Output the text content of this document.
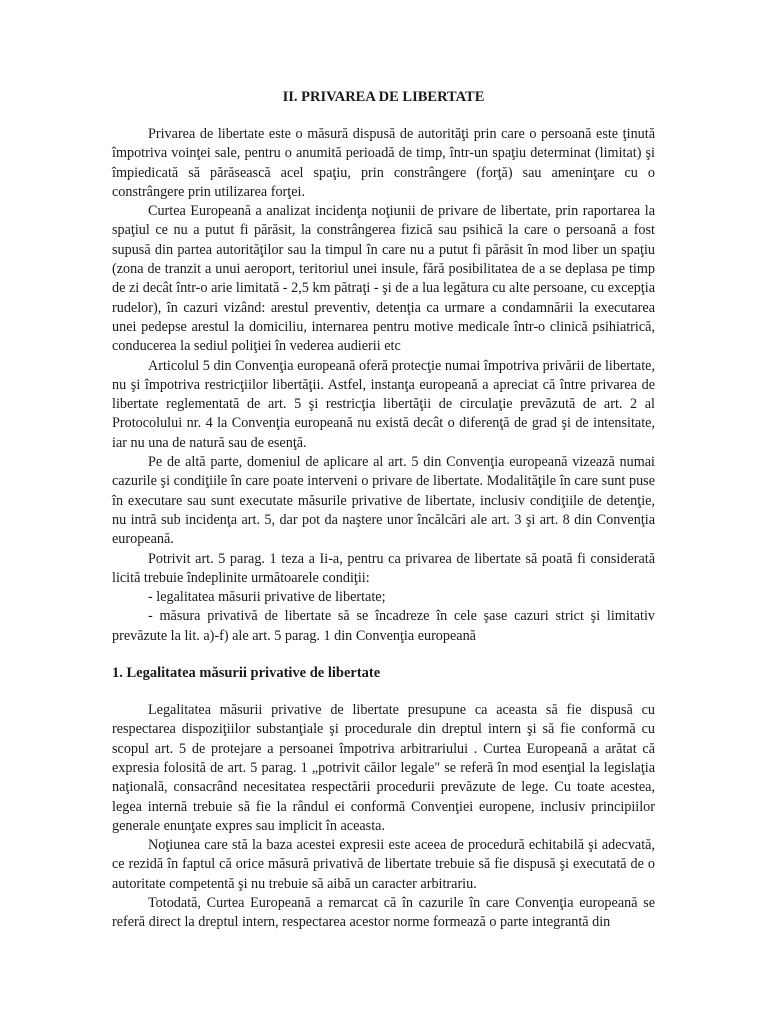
II. PRIVAREA DE LIBERTATE

Privarea de libertate este o măsură dispusă de autorităţi prin care o persoană este ţinută împotriva voinţei sale, pentru o anumită perioadă de timp, într-un spaţiu determinat (limitat) şi împiedicată să părăsească acel spaţiu, prin constrângere (forţă) sau ameninţare cu o constrângere prin utilizarea forţei.

Curtea Europeană a analizat incidenţa noţiunii de privare de libertate, prin raportarea la spaţiul ce nu a putut fi părăsit, la constrângerea fizică sau psihică la care o persoană a fost supusă din partea autorităţilor sau la timpul în care nu a putut fi părăsit în mod liber un spaţiu (zona de tranzit a unui aeroport, teritoriul unei insule, fără posibilitatea de a se deplasa pe timp de zi decât într-o arie limitată - 2,5 km pătraţi - şi de a lua legătura cu alte persoane, cu excepţia rudelor), în cazuri vizând: arestul preventiv, detenţia ca urmare a condamnării la executarea unei pedepse arestul la domiciliu, internarea pentru motive medicale într-o clinică psihiatrică, conducerea la sediul poliţiei în vederea audierii etc

Articolul 5 din Convenţia europeană oferă protecţie numai împotriva privării de libertate, nu şi împotriva restricţiilor libertăţii. Astfel, instanţa europeană a apreciat că între privarea de libertate reglementată de art. 5 şi restricţia libertăţii de circulaţie prevăzută de art. 2 al Protocolului nr. 4 la Convenţia europeană nu există decât o diferenţă de grad şi de intensitate, iar nu una de natură sau de esenţă.

Pe de altă parte, domeniul de aplicare al art. 5 din Convenţia europeană vizează numai cazurile şi condiţiile în care poate interveni o privare de libertate. Modalităţile în care sunt puse în executare sau sunt executate măsurile privative de libertate, inclusiv condiţiile de detenţie, nu intră sub incidenţa art. 5, dar pot da naştere unor încălcări ale art. 3 şi art. 8 din Convenţia europeană.

Potrivit art. 5 parag. 1 teza a Ii-a, pentru ca privarea de libertate să poată fi considerată licită trebuie îndeplinite următoarele condiţii:

- legalitatea măsurii privative de libertate;

- măsura privativă de libertate să se încadreze în cele şase cazuri strict şi limitativ prevăzute la lit. a)-f) ale art. 5 parag. 1 din Convenţia europeană

1. Legalitatea măsurii privative de libertate

Legalitatea măsurii privative de libertate presupune ca aceasta să fie dispusă cu respectarea dispoziţiilor substanţiale şi procedurale din dreptul intern şi să fie conformă cu scopul art. 5 de protejare a persoanei împotriva arbitrariului . Curtea Europeană a arătat că expresia folosită de art. 5 parag. 1 „potrivit căilor legale" se referă în mod esenţial la legislaţia naţională, consacrând necesitatea respectării procedurii prevăzute de lege. Cu toate acestea, legea internă trebuie să fie la rândul ei conformă Convenţiei europene, inclusiv principiilor generale enunţate expres sau implicit în aceasta.

Noţiunea care stă la baza acestei expresii este aceea de procedură echitabilă şi adecvată, ce rezidă în faptul că orice măsură privativă de libertate trebuie să fie dispusă şi executată de o autoritate competentă şi nu trebuie să aibă un caracter arbitrariu.

Totodată, Curtea Europeană a remarcat că în cazurile în care Convenţia europeană se referă direct la dreptul intern, respectarea acestor norme formează o parte integrantă din
